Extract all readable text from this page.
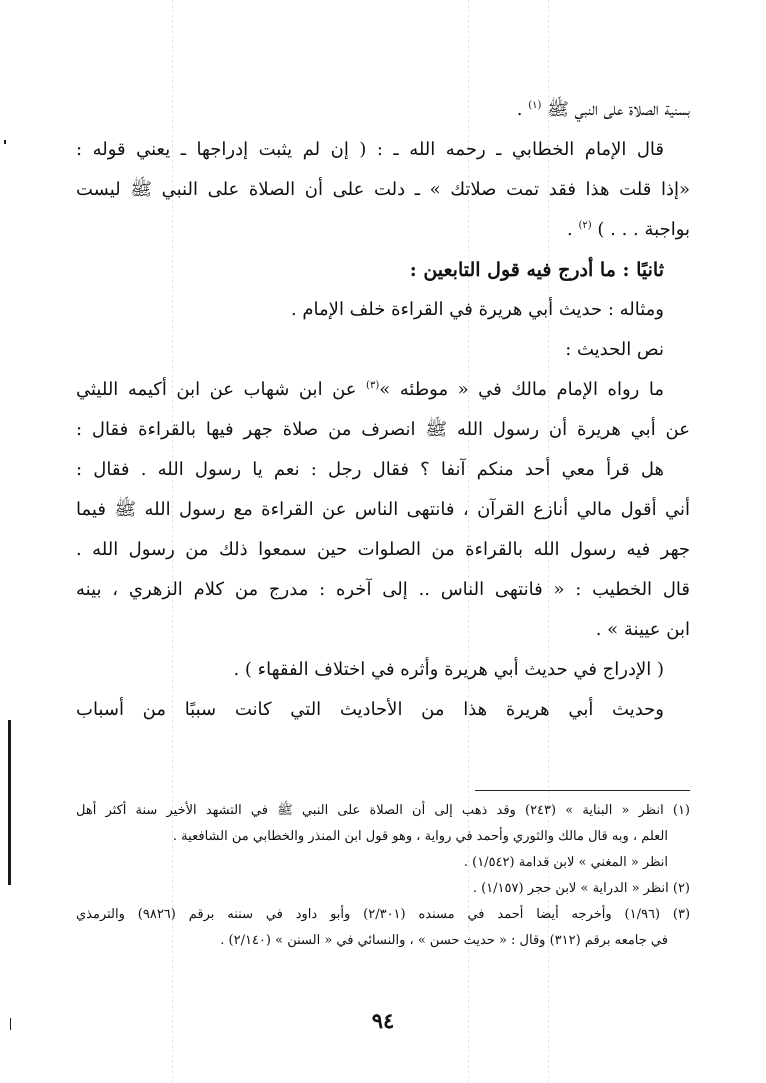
بسنية الصلاة على النبي ﷺ $^{(١)}$ .

قال الإمام الخطابي ـ رحمه الله ـ : ( إن لم يثبت إدراجها ـ يعني قوله :

«إذا قلت هذا فقد تمت صلاتك » ـ دلت على أن الصلاة على النبي ﷺ ليست

بواجبة . . . ) $^{(٢)}$ .

ثانيًا : ما أدرج فيه قول التابعين :

ومثاله : حديث أبي هريرة في القراءة خلف الإمام .

نص الحديث :

ما رواه الإمام مالك في « موطئه »$^{(٣)}$ عن ابن شهاب عن ابن أكيمه الليثي

عن أبي هريرة أن رسول الله ﷺ انصرف من صلاة جهر فيها بالقراءة فقال :

هل قرأ معي أحد منكم آنفا ؟ فقال رجل : نعم يا رسول الله . فقال :

أني أقول مالي أنازع القرآن ، فانتهى الناس عن القراءة مع رسول الله ﷺ فيما

جهر فيه رسول الله بالقراءة من الصلوات حين سمعوا ذلك من رسول الله .

قال الخطيب : « فانتهى الناس .. إلى آخره : مدرج من كلام الزهري ، بينه

ابن عيينة » .

( الإدراج في حديث أبي هريرة وأثره في اختلاف الفقهاء ) .

وحديث أبي هريرة هذا من الأحاديث التي كانت سببًا من أسباب

(١) انظر « البناية » (٢٤٣) وقد ذهب إلى أن الصلاة على النبي ﷺ في التشهد الأخير سنة أكثر أهل

العلم ، وبه قال مالك والثوري وأحمد في رواية ، وهو قول ابن المنذر والخطابي من الشافعية .

انظر « المغني » لابن قدامة (١/٥٤٢) .

(٢) انظر « الدراية » لابن حجر (١/١٥٧) .

(٣) (١/٩٦) وأخرجه أيضا أحمد في مسنده (٢/٣٠١) وأبو داود في سننه برقم (٩٨٢٦) والترمذي

في جامعه برقم (٣١٢) وقال : « حديث حسن » ، والنسائي في « السنن » (٢/١٤٠) .

٩٤
